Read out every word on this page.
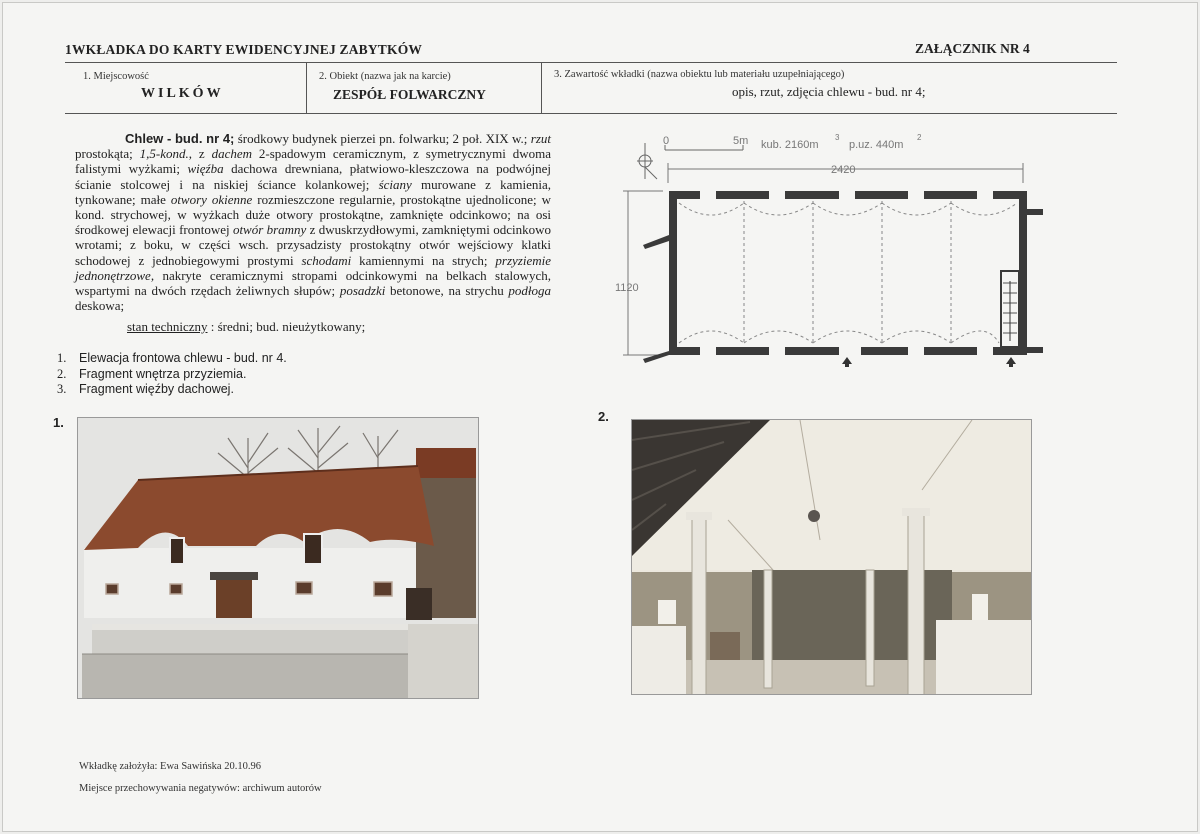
1WKŁADKA DO KARTY EWIDENCYJNEJ ZABYTKÓW	ZAŁĄCZNIK NR 4
1. Miejscowość
WILKÓW
2. Obiekt (nazwa jak na karcie)
ZESPÓŁ FOLWARCZNY
3. Zawartość wkładki (nazwa obiektu lub materiału uzupełniającego)
opis, rzut, zdjęcia chlewu - bud. nr 4;
Chlew - bud. nr 4; środkowy budynek pierzei pn. folwarku; 2 poł. XIX w.; rzut prostokąta; 1,5-kond., z dachem 2-spadowym ceramicznym, z symetrycznymi dwoma falistymi wyżkami; więźba dachowa drewniana, płatwiowo-kleszczowa na podwójnej ścianie stolcowej i na niskiej ściance kolankowej; ściany murowane z kamienia, tynkowane; małe otwory okienne rozmieszczone regularnie, prostokątne ujednolicone; w kond. strychowej, w wyżkach duże otwory prostokątne, zamknięte odcinkowo; na osi środkowej elewacji frontowej otwór bramny z dwuskrzydłowymi, zamkniętymi odcinkowo wrotami; z boku, w części wsch. przysadzisty prostokątny otwór wejściowy klatki schodowej z jednobiegowymi prostymi schodami kamiennymi na strych; przyziemie jednonętrzowe, nakryte ceramicznymi stropami odcinkowymi na belkach stalowych, wspartymi na dwóch rzędach żeliwnych słupów; posadzki betonowe, na strychu podłoga deskowa;
stan techniczny : średni; bud. nieużytkowany;
0	5m kub. 2160m
3
p.uz. 440m
2
2420
1120
1. Elewacja frontowa chlewu - bud. nr 4.
2. Fragment wnętrza przyziemia.
3. Fragment więźby dachowej.
1.	2.
Wkładkę założyła: Ewa Sawińska 20.10.96
Miejsce przechowywania negatywów: archiwum autorów
